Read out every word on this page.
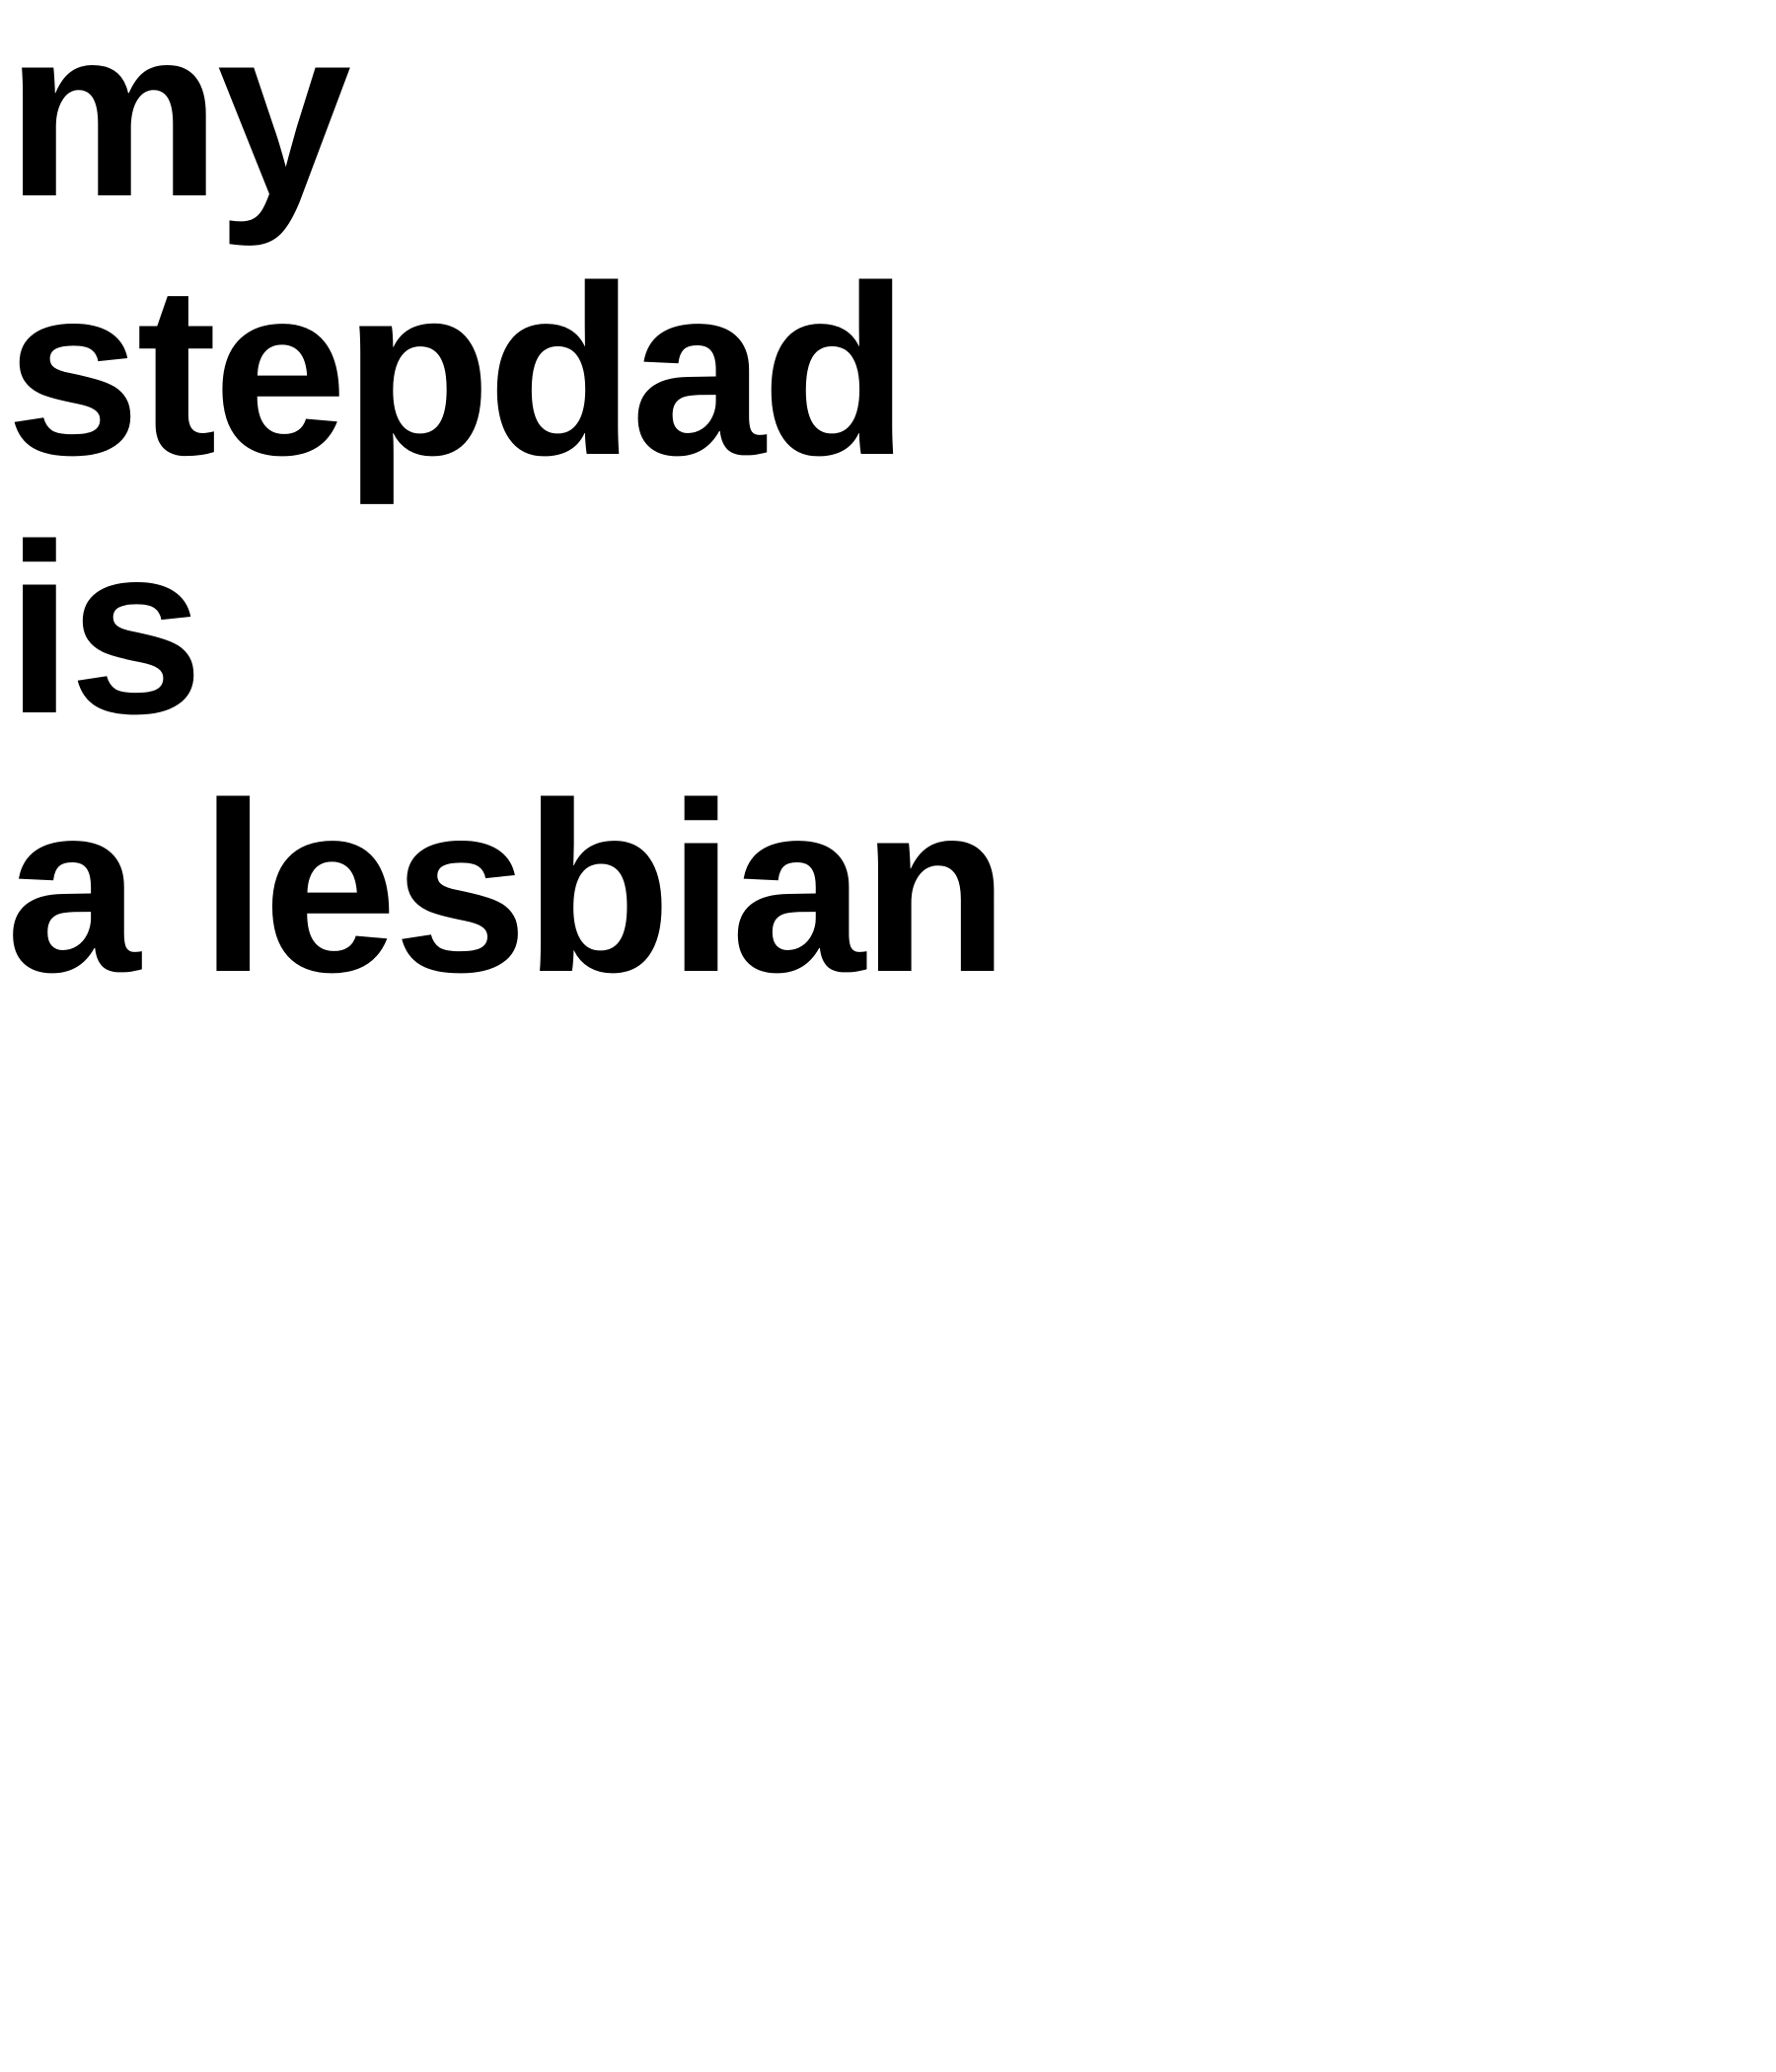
my
stepdad
is
a lesbian
